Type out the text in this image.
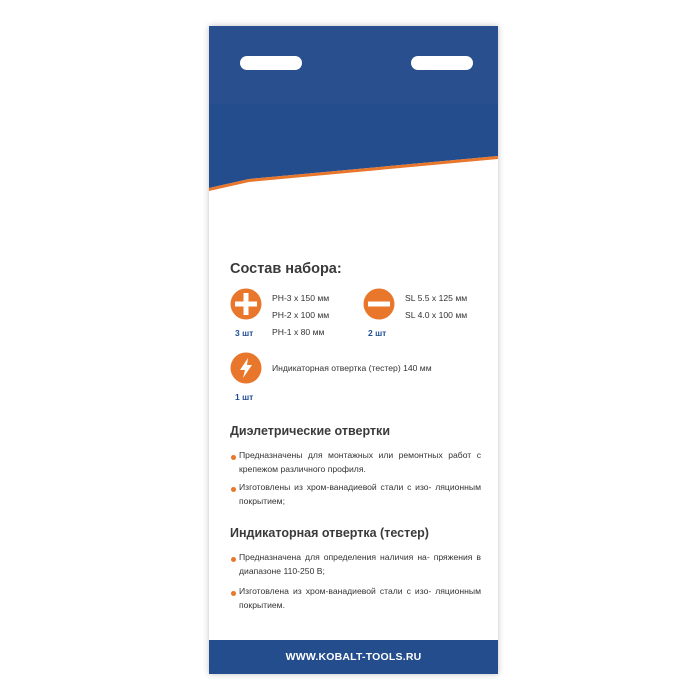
Состав набора:
3 шт
PH-3 x 150 мм
PH-2 x 100 мм
PH-1 x 80 мм	2 шт
SL 5.5 x 125 мм
SL 4.0 x 100 мм
1 шт
Индикаторная отвертка (тестер) 140 мм
Диэлетрические отвертки
Предназначены для монтажных или ремонтных работ с крепежом различного профиля.
Изготовлены из хром-ванадиевой стали с изо- ляционным покрытием;
Индикаторная отвертка (тестер)
Предназначена для определения наличия на- пряжения в диапазоне 110-250 В;
Изготовлена из хром-ванадиевой стали с изо- ляционным покрытием.
WWW.KOBALT-TOOLS.RU
